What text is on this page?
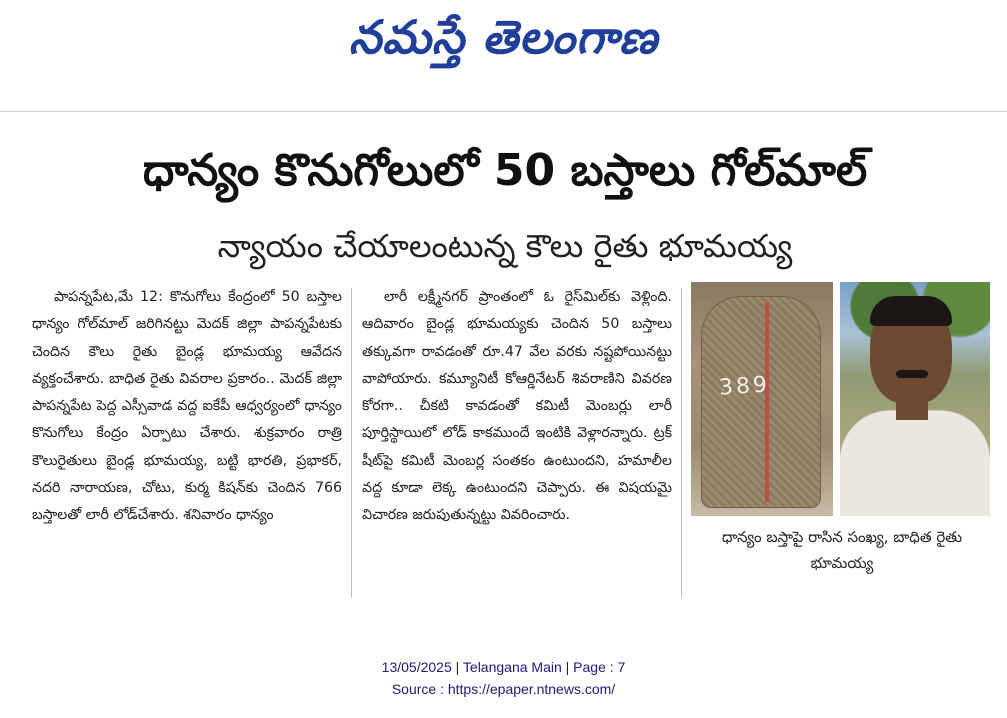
నమస్తే తెలంగాణ
ధాన్యం కొనుగోలులో 50 బస్తాలు గోల్‌మాల్
న్యాయం చేయాలంటున్న కౌలు రైతు భూమయ్య

పాపన్నపేట,మే 12: కొనుగోలు కేంద్రంలో 50 బస్తాల ధాన్యం గోల్‌మాల్ జరిగినట్టు మెదక్ జిల్లా పాపన్నపేటకు చెందిన కౌలు రైతు బైండ్ల భూమయ్య ఆవేదన వ్యక్తంచేశారు. బాధిత రైతు వివరాల ప్రకారం.. మెదక్ జిల్లా పాపన్నపేట పెద్ద ఎస్సీవాడ వద్ద ఐకేపీ ఆధ్వర్యంలో ధాన్యం కొనుగోలు కేంద్రం ఏర్పాటు చేశారు. శుక్రవారం రాత్రి కౌలురైతులు బైండ్ల భూమయ్య, బట్టి భారతి, ప్రభాకర్, నదరి నారాయణ, చోటు, కుర్మ కిషన్‌కు చెందిన 766 బస్తాలతో లారీ లోడ్‌చేశారు. శనివారం ధాన్యం

లారీ లక్ష్మీనగర్ ప్రాంతంలో ఓ రైస్‌మిల్‌కు వెళ్లింది. ఆదివారం బైండ్ల భూమయ్యకు చెందిన 50 బస్తాలు తక్కువగా రావడంతో రూ.47 వేల వరకు నష్టపోయినట్టు వాపోయారు. కమ్యూనిటీ కోఆర్డినేటర్ శివరాణిని వివరణ కోరగా.. చీకటి కావడంతో కమిటీ మెంబర్లు లారీ పూర్తిస్థాయిలో లోడ్ కాకముందే ఇంటికి వెళ్లారన్నారు. ట్రక్ షీట్‌పై కమిటీ మెంబర్ల సంతకం ఉంటుందని, హమాలీల వద్ద కూడా లెక్క ఉంటుందని చెప్పారు. ఈ విషయమై విచారణ జరుపుతున్నట్టు వివరించారు.

389
ధాన్యం బస్తాపై రాసిన సంఖ్య, బాధిత రైతు భూమయ్య
13/05/2025 | Telangana Main | Page : 7
Source : https://epaper.ntnews.com/
